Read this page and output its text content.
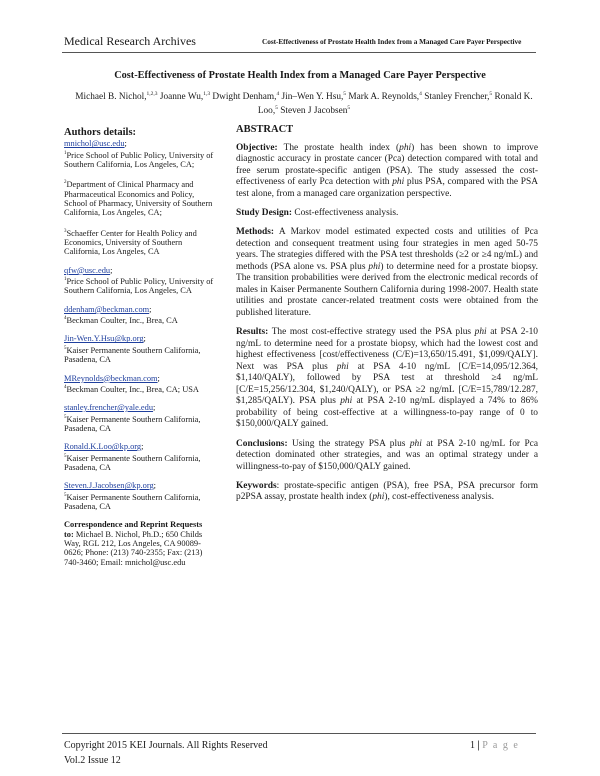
Medical Research Archives	Cost-Effectiveness of Prostate Health Index from a Managed Care Payer Perspective
Cost-Effectiveness of Prostate Health Index from a Managed Care Payer Perspective
Michael B. Nichol,$^{1,2,3}$ Joanne Wu,$^{1,3}$ Dwight Denham,$^4$ Jin–Wen Y. Hsu,$^5$ Mark A. Reynolds,$^4$ Stanley Frencher,$^5$ Ronald K. Loo,$^5$ Steven J Jacobsen$^5$
Authors details:
mnichol@usc.edu;
$^1$Price School of Public Policy, University of Southern California, Los Angeles, CA;
$^2$Department of Clinical Pharmacy and Pharmaceutical Economics and Policy, School of Pharmacy, University of Southern California, Los Angeles, CA;
$^3$Schaeffer Center for Health Policy and Economics, University of Southern California, Los Angeles, CA
qfw@usc.edu;
$^1$Price School of Public Policy, University of Southern California, Los Angeles, CA
ddenham@beckman.com;
$^4$Beckman Coulter, Inc., Brea, CA
Jin-Wen.Y.Hsu@kp.org;
$^5$Kaiser Permanente Southern California, Pasadena, CA
MReynolds@beckman.com;
$^4$Beckman Coulter, Inc., Brea, CA; USA
stanley.frencher@yale.edu;
$^5$Kaiser Permanente Southern California, Pasadena, CA
Ronald.K.Loo@kp.org;
$^5$Kaiser Permanente Southern California, Pasadena, CA
Steven.J.Jacobsen@kp.org;
$^5$Kaiser Permanente Southern California, Pasadena, CA
Correspondence and Reprint Requests to: Michael B. Nichol, Ph.D.; 650 Childs Way, RGL 212, Los Angeles, CA 90089-0626; Phone: (213) 740-2355; Fax: (213) 740-3460; Email: mnichol@usc.edu
ABSTRACT

Objective: The prostate health index (phi) has been shown to improve diagnostic accuracy in prostate cancer (Pca) detection compared with total and free serum prostate-specific antigen (PSA). The study assessed the cost-effectiveness of early Pca detection with phi plus PSA, compared with the PSA test alone, from a managed care organization perspective.

Study Design: Cost-effectiveness analysis.

Methods: A Markov model estimated expected costs and utilities of Pca detection and consequent treatment using four strategies in men aged 50-75 years. The strategies differed with the PSA test thresholds (≥2 or ≥4 ng/mL) and methods (PSA alone vs. PSA plus phi) to determine need for a prostate biopsy. The transition probabilities were derived from the electronic medical records of males in Kaiser Permanente Southern California during 1998-2007. Health state utilities and prostate cancer-related treatment costs were obtained from the published literature.

Results: The most cost-effective strategy used the PSA plus phi at PSA 2-10 ng/mL to determine need for a prostate biopsy, which had the lowest cost and highest effectiveness [cost/effectiveness (C/E)=13,650/15.491, $1,099/QALY]. Next was PSA plus phi at PSA 4-10 ng/mL [C/E=14,095/12.364, $1,140/QALY), followed by PSA test at threshold ≥4 ng/mL [C/E=15,256/12.304, $1,240/QALY), or PSA ≥2 ng/mL [C/E=15,789/12.287, $1,285/QALY). PSA plus phi at PSA 2-10 ng/mL displayed a 74% to 86% probability of being cost-effective at a willingness-to-pay range of 0 to $150,000/QALY gained.

Conclusions: Using the strategy PSA plus phi at PSA 2-10 ng/mL for Pca detection dominated other strategies, and was an optimal strategy under a willingness-to-pay of $150,000/QALY gained.

Keywords: prostate-specific antigen (PSA), free PSA, PSA precursor form p2PSA assay, prostate health index (phi), cost-effectiveness analysis.

Copyright 2015 KEI Journals. All Rights Reserved
Vol.2 Issue 12
1 | P a g e
